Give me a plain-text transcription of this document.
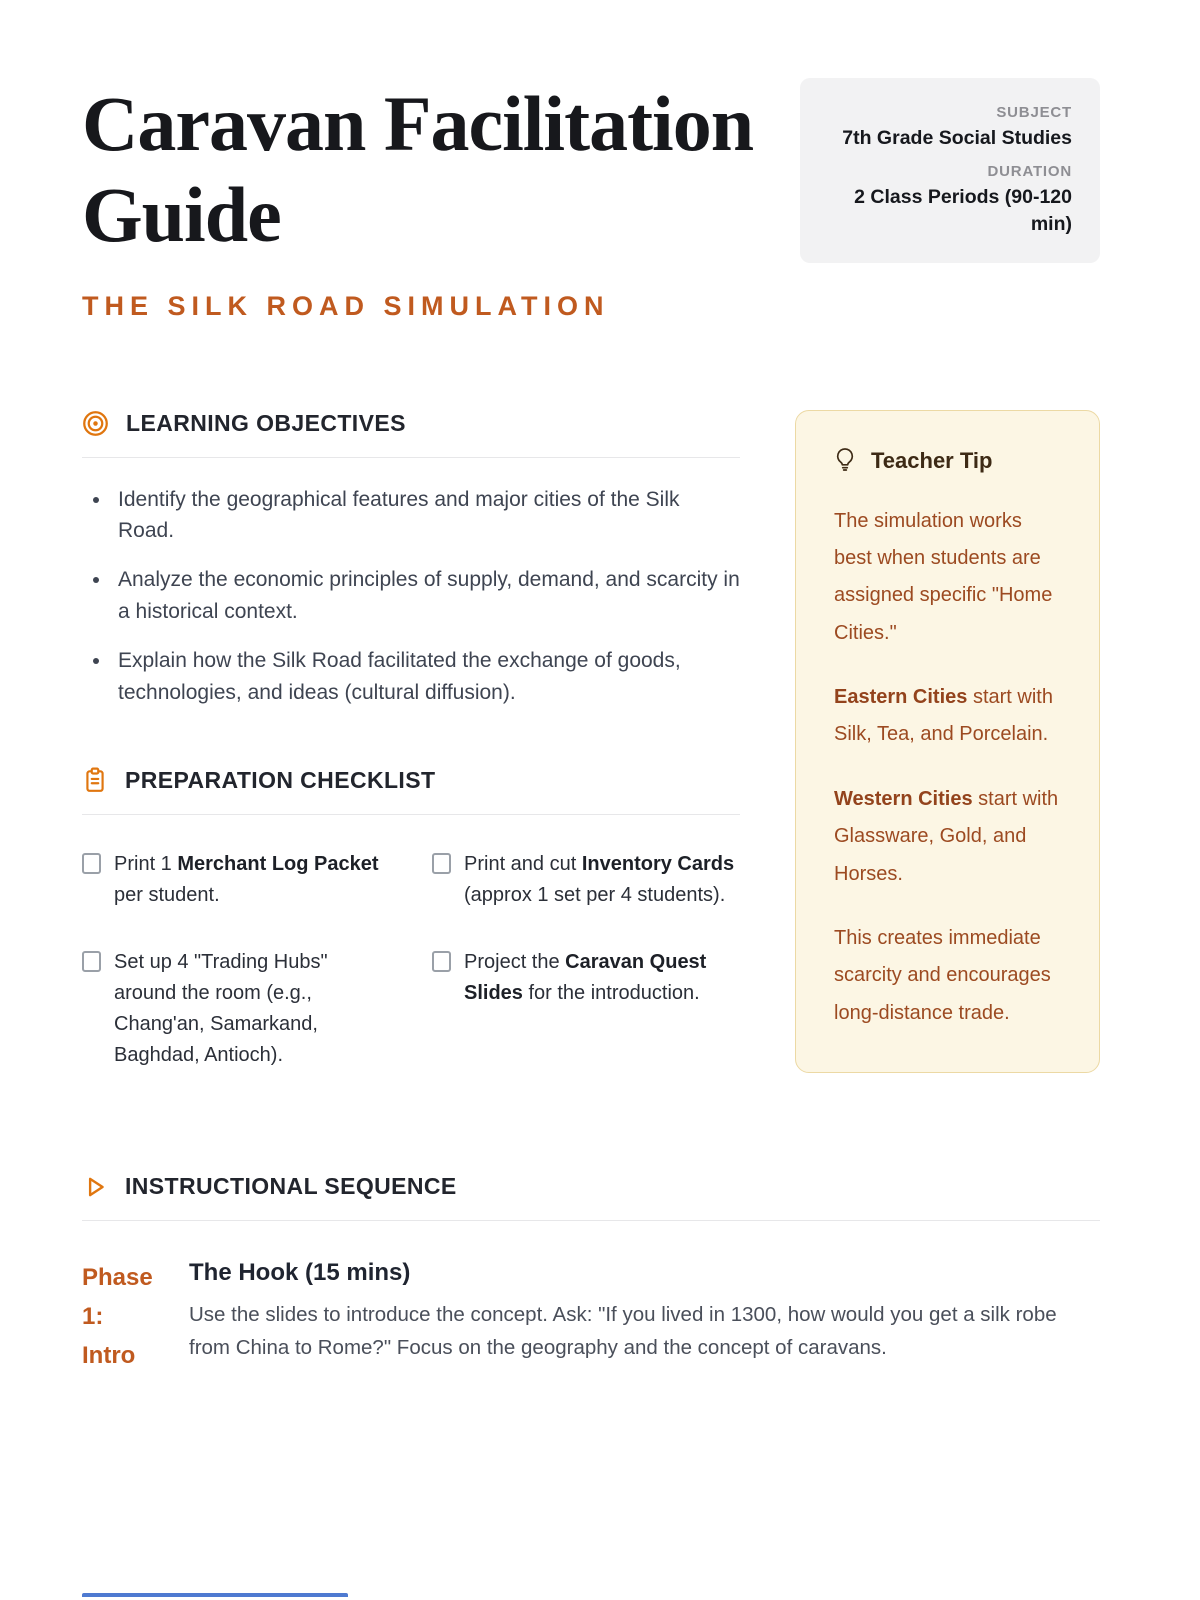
Caravan Facilitation Guide
THE SILK ROAD SIMULATION
SUBJECT
7th Grade Social Studies
DURATION
2 Class Periods (90-120 min)
LEARNING OBJECTIVES
• Identify the geographical features and major cities of the Silk Road.
• Analyze the economic principles of supply, demand, and scarcity in a historical context.
• Explain how the Silk Road facilitated the exchange of goods, technologies, and ideas (cultural diffusion).
PREPARATION CHECKLIST
Print 1 Merchant Log Packet per student.
Print and cut Inventory Cards (approx 1 set per 4 students).
Set up 4 "Trading Hubs" around the room (e.g., Chang'an, Samarkand, Baghdad, Antioch).
Project the Caravan Quest Slides for the introduction.
Teacher Tip

The simulation works best when students are assigned specific "Home Cities."

Eastern Cities start with Silk, Tea, and Porcelain.

Western Cities start with Glassware, Gold, and Horses.

This creates immediate scarcity and encourages long-distance trade.

INSTRUCTIONAL SEQUENCE
Phase 1: Intro
The Hook (15 mins)
Use the slides to introduce the concept. Ask: "If you lived in 1300, how would you get a silk robe from China to Rome?" Focus on the geography and the concept of caravans.
